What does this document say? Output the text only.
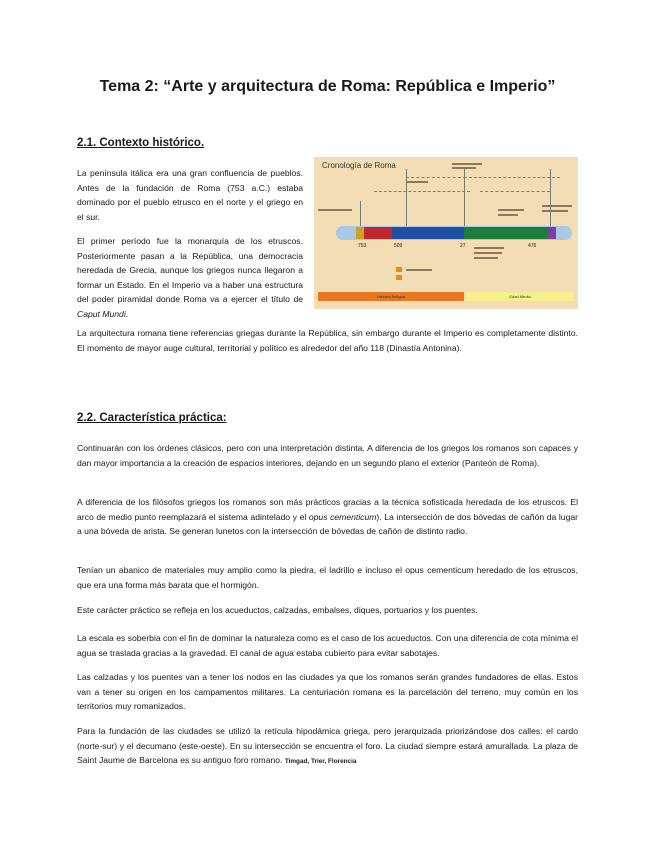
Tema 2: “Arte y arquitectura de Roma: República e Imperio”
2.1. Contexto histórico.

La península itálica era una gran confluencia de pueblos. Antes de la fundación de Roma (753 a.C.) estaba dominado por el pueblo etrusco en el norte y el griego en el sur.

El primer período fue la monarquía de los etruscos. Posteriormente pasan a la República, una democracia heredada de Grecia, aunque los griegos nunca llegaron a formar un Estado. En el Imperio va a haber una estructura del poder piramidal donde Roma va a ejercer el título de Caput Mundi.

Cronología de Roma
753	509	27	476
Historia Antigua	Edad Media

La arquitectura romana tiene referencias griegas durante la República, sin embargo durante el Imperio es completamente distinto. El momento de mayor auge cultural, territorial y político es alrededor del año 118 (Dinastía Antonina).

2.2. Característica práctica:

Continuarán con los órdenes clásicos, pero con una interpretación distinta. A diferencia de los griegos los romanos son capaces y dan mayor importancia a la creación de espacios interiores, dejando en un segundo plano el exterior (Panteón de Roma).

A diferencia de los filósofos griegos los romanos son más prácticos gracias a la técnica sofisticada heredada de los etruscos. El arco de medio punto reemplazará el sistema adintelado y el opus cementicum). La intersección de dos bóvedas de cañón da lugar a una bóveda de arista. Se generan lunetos con la intersección de bóvedas de cañón de distinto radio.

Tenían un abanico de materiales muy amplio como la piedra, el ladrillo e incluso el opus cementicum heredado de los etruscos, que era una forma más barata que el hormigón.

Este carácter práctico se refleja en los acueductos, calzadas, embalses, diques, portuarios y los puentes.

La escala es soberbia con el fin de dominar la naturaleza como es el caso de los acueductos. Con una diferencia de cota mínima el agua se traslada gracias a la gravedad. El canal de agua estaba cubierto para evitar sabotajes.

Las calzadas y los puentes van a tener los nodos en las ciudades ya que los romanos serán grandes fundadores de ellas. Estos van a tener su origen en los campamentos militares. La centuriación romana es la parcelación del terreno, muy común en los territorios muy romanizados.

Para la fundación de las ciudades se utilizó la retícula hipodámica griega, pero jerarquizada priorizándose dos calles: el cardo (norte-sur) y el decumano (este-oeste). En su intersección se encuentra el foro. La ciudad siempre estará amurallada. La plaza de Saint Jaume de Barcelona es su antiguo foro romano. Timgad, Trier, Florencia
